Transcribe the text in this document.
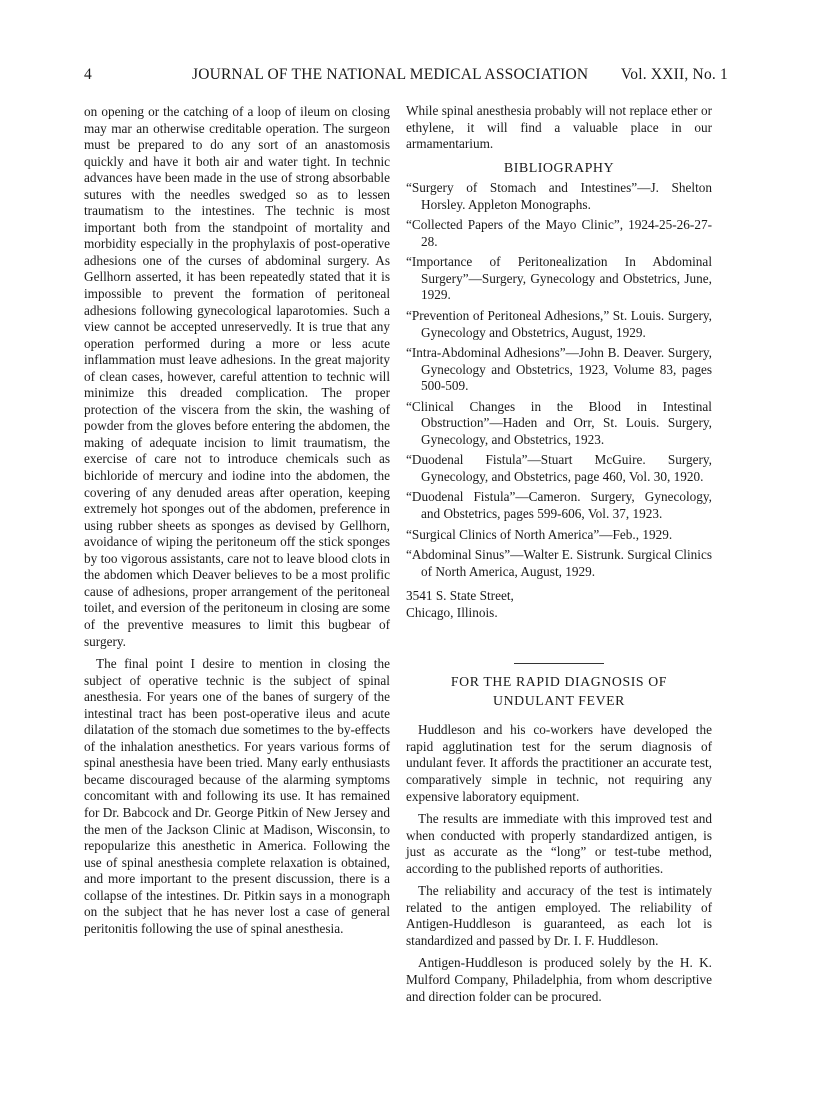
4	JOURNAL OF THE NATIONAL MEDICAL ASSOCIATION Vol. XXII, No. 1

on opening or the catching of a loop of ileum on closing may mar an otherwise creditable operation. The surgeon must be prepared to do any sort of an anastomosis quickly and have it both air and water tight. In technic advances have been made in the use of strong absorbable sutures with the needles swedged so as to lessen traumatism to the intestines. The technic is most important both from the standpoint of mortality and morbidity especially in the prophylaxis of post-operative adhesions one of the curses of abdominal surgery. As Gellhorn asserted, it has been repeatedly stated that it is impossible to prevent the formation of peritoneal adhesions following gynecological laparotomies. Such a view cannot be accepted unreservedly. It is true that any operation performed during a more or less acute inflammation must leave adhesions. In the great majority of clean cases, however, careful attention to technic will minimize this dreaded complication. The proper protection of the viscera from the skin, the washing of powder from the gloves before entering the abdomen, the making of adequate incision to limit traumatism, the exercise of care not to introduce chemicals such as bichloride of mercury and iodine into the abdomen, the covering of any denuded areas after operation, keeping extremely hot sponges out of the abdomen, preference in using rubber sheets as sponges as devised by Gellhorn, avoidance of wiping the peritoneum off the stick sponges by too vigorous assistants, care not to leave blood clots in the abdomen which Deaver believes to be a most prolific cause of adhesions, proper arrangement of the peritoneal toilet, and eversion of the peritoneum in closing are some of the preventive measures to limit this bugbear of surgery.

The final point I desire to mention in closing the subject of operative technic is the subject of spinal anesthesia. For years one of the banes of surgery of the intestinal tract has been post-operative ileus and acute dilatation of the stomach due sometimes to the by-effects of the inhalation anesthetics. For years various forms of spinal anesthesia have been tried. Many early enthusiasts became discouraged because of the alarming symptoms concomitant with and following its use. It has remained for Dr. Babcock and Dr. George Pitkin of New Jersey and the men of the Jackson Clinic at Madison, Wisconsin, to repopularize this anesthetic in America. Following the use of spinal anesthesia complete relaxation is obtained, and more important to the present discussion, there is a collapse of the intestines. Dr. Pitkin says in a monograph on the subject that he has never lost a case of general peritonitis following the use of spinal anesthesia.

While spinal anesthesia probably will not replace ether or ethylene, it will find a valuable place in our armamentarium.

BIBLIOGRAPHY
“Surgery of Stomach and Intestines”—J. Shelton Horsley. Appleton Monographs.
“Collected Papers of the Mayo Clinic”, 1924-25-26-27-28.
“Importance of Peritonealization In Abdominal Surgery”—Surgery, Gynecology and Obstetrics, June, 1929.
“Prevention of Peritoneal Adhesions,” St. Louis. Surgery, Gynecology and Obstetrics, August, 1929.
“Intra-Abdominal Adhesions”—John B. Deaver. Surgery, Gynecology and Obstetrics, 1923, Volume 83, pages 500-509.
“Clinical Changes in the Blood in Intestinal Obstruction”—Haden and Orr, St. Louis. Surgery, Gynecology, and Obstetrics, 1923.
“Duodenal Fistula”—Stuart McGuire. Surgery, Gynecology, and Obstetrics, page 460, Vol. 30, 1920.
“Duodenal Fistula”—Cameron. Surgery, Gynecology, and Obstetrics, pages 599-606, Vol. 37, 1923.
“Surgical Clinics of North America”—Feb., 1929.
“Abdominal Sinus”—Walter E. Sistrunk. Surgical Clinics of North America, August, 1929.
3541 S. State Street,
Chicago, Illinois.
FOR THE RAPID DIAGNOSIS OF
UNDULANT FEVER

Huddleson and his co-workers have developed the rapid agglutination test for the serum diagnosis of undulant fever. It affords the practitioner an accurate test, comparatively simple in technic, not requiring any expensive laboratory equipment.

The results are immediate with this improved test and when conducted with properly standardized antigen, is just as accurate as the “long” or test-tube method, according to the published reports of authorities.

The reliability and accuracy of the test is intimately related to the antigen employed. The reliability of Antigen-Huddleson is guaranteed, as each lot is standardized and passed by Dr. I. F. Huddleson.

Antigen-Huddleson is produced solely by the H. K. Mulford Company, Philadelphia, from whom descriptive and direction folder can be procured.
